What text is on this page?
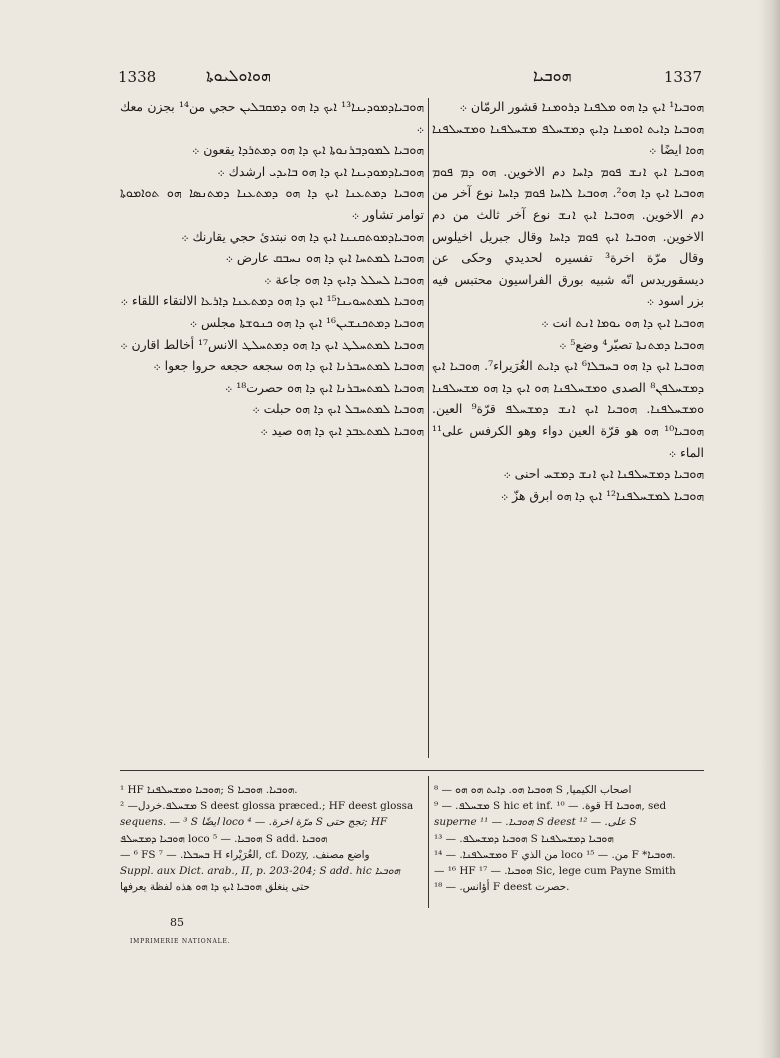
1338	ܗܘܐܘܠܝܘܬܐ	ܗܘܒܝܐ	1337

ܗܘܒܝܐܕܡܘܕܝܢܐ¹³ ܐܝܟ ܕܐ ܗܘ ܕܡܩܒܠܝܢ حجي من¹⁴ بجزن معك ܀

ܗܘܒܝܐ ܠܡܘܕܒܪܢܘܬܐ ܐܝܟ ܕܐ ܗܘ ܕܡܬܪܕܐ يقعون ܀

ܗܘܒܝܐܕܡܘܕܝܢܐ ܐܝܟ ܕܐ ܗܘ ܒܐܝܕܝ ارشدك ܀

ܗܘܒܝܐ ܕܡܬܥܢܐ ܐܝܟ ܕܐ ܗܘ ܕܡܬܥܢܐ ܕܡܬܢܣܐ ܗܘ ܬܘܐܡܘܬܐ توامر تشاور ܀

ܗܘܒܝܐܕܡܘܬܩܢܢܐ ܐܝܟ ܕܐ ܗܘ نبتدئ حجي يقارنك ܀

ܗܘܒܝܐ ܠܡܬܚܐ ܐܝܟ ܕܐ ܗܘ ܢܚܒܩ عارض ܀

ܗܘܒܝܐ ܠܚܠܠ ܕܐܝܟ ܕܐ ܗܘ جاعة ܀

ܗܘܒܝܐ ܠܡܬܚܘܝܢܐ¹⁵ ܐܝܟ ܕܐ ܗܘ ܕܡܬܥܢܐ ܕܐܪܥܐ الالتقاء اللقاء ܀

ܗܘܒܝܐ ܕܡܬܟܢܫܝܢ¹⁶ ܐܝܟ ܕܐ ܗܘ ܟܢܘܫܬܐ مجلس ܀

ܗܘܒܝܐ ܠܡܬܚܠܛ ܐܝܟ ܕܐ ܗܘ ܕܡܬܚܠܛ الانس¹⁷ أخالط اقارن ܀

ܗܘܒܝܐ ܠܡܬܚܒܪܢܐ ܐܝܟ ܕܐ ܗܘ سجعه حجعه حروا جعوا ܀

ܗܘܒܝܐ ܠܡܬܚܒܪܢܐ ܐܝܟ ܕܐ ܗܘ حصرت¹⁸ ܀

ܗܘܒܝܐ ܠܡܬܚܒܠ ܐܝܟ ܕܐ ܗܘ حبلت ܀

ܗܘܒܝܐ ܠܡܬܥܒܕ ܐܝܟ ܕܐ ܗܘ صيد ܀

ܗܘܒܝܐ¹ ܐܝܟ ܕܐ ܗܘ ܡܠܦܢܐ ܕܪܘܡܢܐ قشور الرمّان ܀

ܗܘܒܝܐ ܕܐܝܬ ܐܘܡܢܐ ܕܐܝܟ ܕܡܫܚܠܦ ܡܫܚܠܦܢܐ ܘܡܫܚܠܦܢܐ ܗܘܐ ايضًا ܀

ܗܘܒܝܐ ܐܝܟ ܐܢܫ ܦܘܡ ܕܐܚܐ دم الاخوين. ܗܘ ܕܡ ܦܘܡ ܗܘܒܝܐ ܐܝܟ ܕܐ ܗܘ². ܗܘܒܝܐ ܠܐܚܐ ܦܘܡ ܕܐܚܐ نوع آخر من دم الاخوين. ܗܘܒܝܐ ܐܝܟ ܐܢܫ نوع آخر ثالث من دم الاخوين. ܗܘܒܝܐ ܐܝܟ ܦܘܡ ܕܐܚܐ وقال جبريل اخيلوس وقال مرّة اخرة³ تفسيره لحديدي وحكى عن ديسقوريدس انّه شبيه بورق الفراسيون محتبس فيه بزر اسود ܀

ܗܘܒܝܐ ܐܝܟ ܕܐ ܗܘ ܝܘܡܐ ܐܢܬ انت ܀

ܗܘܒܝܐ ܕܡܬܢܬܐ تصيّر⁴ وضع⁵ ܀

ܗܘܒܝܐ ܐܝܟ ܕܐ ܗܘ ܒܚܒܠܐ⁶ ܐܝܟ ܕܐܝܬ الغُرَيراء⁷. ܗܘܒܝܐ ܐܝܟ ܕܡܫܚܠܦܢ⁸ الصدى ܘܡܫܚܠܦܢܐ ܗܘ ܐܝܟ ܕܐ ܗܘ ܡܫܚܠܦܢܐ ܘܡܫܚܠܦܢܐ. ܗܘܒܝܐ ܐܝܟ ܐܢܫ ܕܡܫܚܠܦ قرّة⁹ العين. ܗܘܒܝܐ¹⁰ ܗܘ هو قرّة العين دواء وهو الكرفس على¹¹ الماء ܀

ܗܘܒܝܐ ܕܡܫܚܠܦܢܐ ܐܝܟ ܐܢܫ ܕܡܫܚ احنى ܀

ܗܘܒܝܐ ܠܡܫܚܠܦܢܐ¹² ܐܝܟ ܕܐ ܗܘ ابرق هزّ ܀

¹ HF ܗܘܒܝܐ ܘܡܫܚܠܦܢܐ; S ܗܘܒܝܐ. ܗܘܒܝܐ.
ܡܫܚܠܦ.خردل— ² S deest glossa præced.; HF deest glossa
sequens. — ³ S ايضًا loco مرّة اخرة. — ⁴ S تجج حتى; HF
ܗܘܒܝܐ ܕܡܫܚܠܦ loco ܗܘܒܝܐ. — ⁵ S add. ܗܘܒܝܐ
— ⁶ FS ܒܚܒܠܐ. — ⁷ H الغُرَيْراء, cf. Dozy, .واضع مصنف
Suppl. aux Dict. arab., II, p. 203-204; S add. hic ܗܘܒܝܐ
حتى ينغلق ܗܘܒܝܐ ܐܝܟ ܕܐ ܗܘ هذه لفظة يعرفها
ܗܘܒܝܐ ܗܘ. ܕܐܝܬ ܗܘ ܗܘ — ⁸ S ,اصحاب الكيميا
ܡܫܚܠܦ. — ⁹ S hic et inf. قوة. — ¹⁰ H ܗܘܒܝܐ, sed
superne ܗܘܒܝܐ. — ¹¹ S deest على. — ¹² S
ܗܘܒܝܐ ܕܡܫܚܠܦ. — ¹³ S ܗܘܒܝܐ ܕܡܫܚܠܦܢܐ
ܘܡܫܚܠܦܢܐ. — ¹⁴ F من الذي loco من. — ¹⁵ F *ܗܘܒܝܐ.
— ¹⁶ HF ܗܘܒܝܐ. — ¹⁷ Sic, lege cum Payne Smith
أؤانس. — ¹⁸ F deest حصرت.
85
IMPRIMERIE NATIONALE.
